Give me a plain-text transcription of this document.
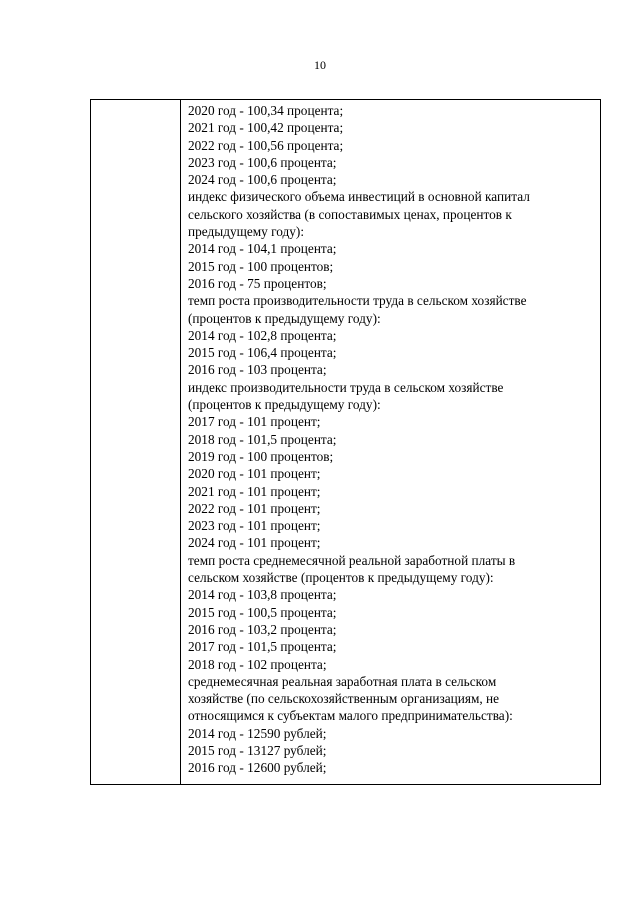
10
2020 год - 100,34 процента;
2021 год - 100,42 процента;
2022 год - 100,56 процента;
2023 год - 100,6 процента;
2024 год - 100,6 процента;
индекс физического объема инвестиций в основной капитал
сельского хозяйства (в сопоставимых ценах, процентов к
предыдущему году):
2014 год - 104,1 процента;
2015 год - 100 процентов;
2016 год - 75 процентов;
темп роста производительности труда в сельском хозяйстве
(процентов к предыдущему году):
2014 год - 102,8 процента;
2015 год - 106,4 процента;
2016 год - 103 процента;
индекс производительности труда в сельском хозяйстве
(процентов к предыдущему году):
2017 год - 101 процент;
2018 год - 101,5 процента;
2019 год - 100 процентов;
2020 год - 101 процент;
2021 год - 101 процент;
2022 год - 101 процент;
2023 год - 101 процент;
2024 год - 101 процент;
темп роста среднемесячной реальной заработной платы в
сельском хозяйстве (процентов к предыдущему году):
2014 год - 103,8 процента;
2015 год - 100,5 процента;
2016 год - 103,2 процента;
2017 год - 101,5 процента;
2018 год - 102 процента;
среднемесячная реальная заработная плата в сельском
хозяйстве (по сельскохозяйственным организациям, не
относящимся к субъектам малого предпринимательства):
2014 год - 12590 рублей;
2015 год - 13127 рублей;
2016 год - 12600 рублей;
